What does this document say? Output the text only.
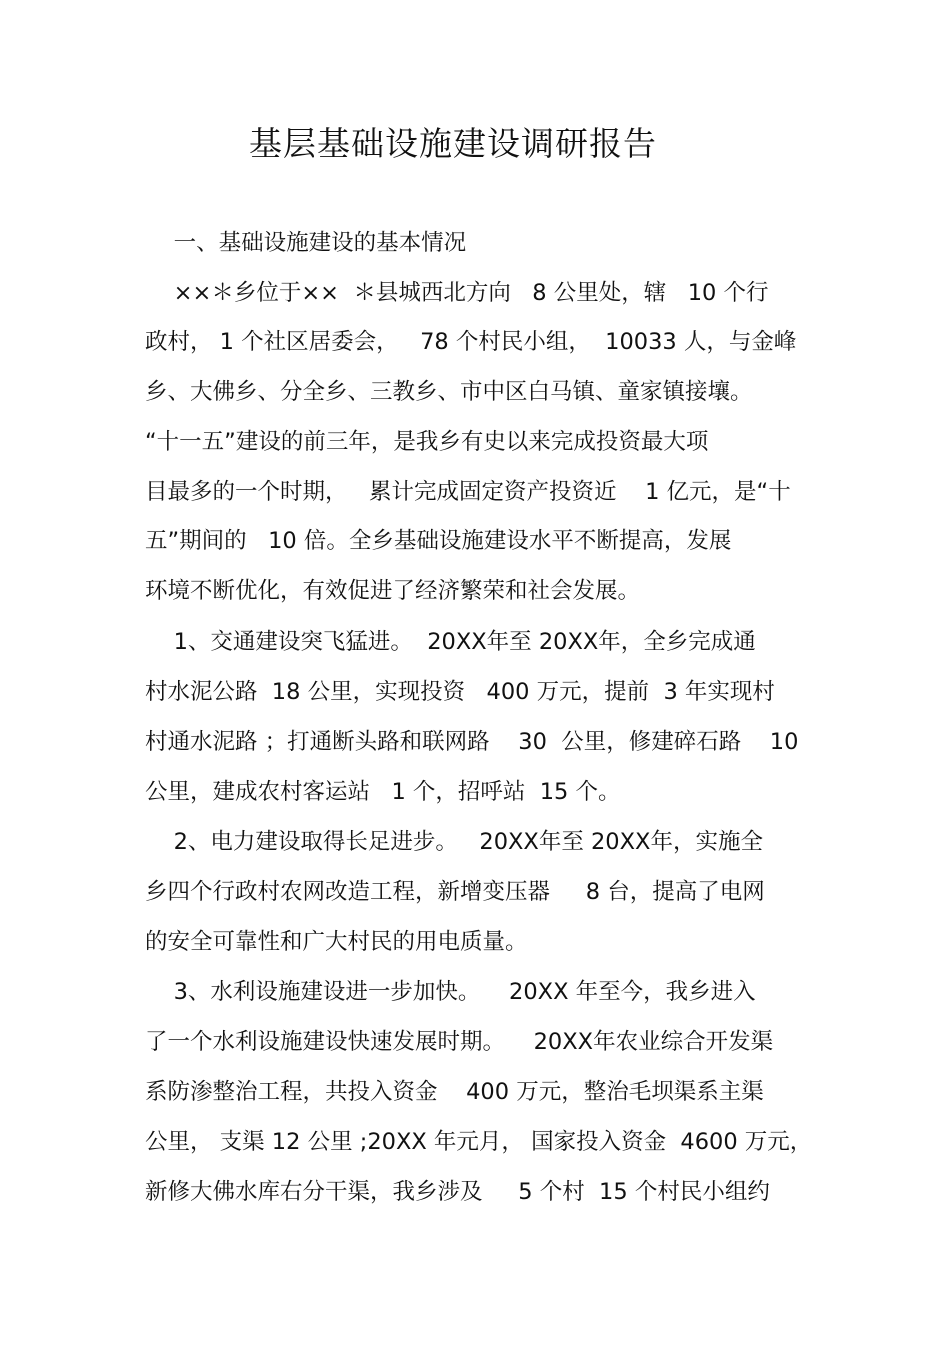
基层基础设施建设调研报告
一、基础设施建设的基本情况
××＊乡位于××  ＊县城西北方向   8 公里处，辖   10 个行
政村， 1 个社区居委会，   78 个村民小组，  10033 人，与金峰
乡、大佛乡、分全乡、三教乡、市中区白马镇、童家镇接壤。
“十一五”建设的前三年，是我乡有史以来完成投资最大项
目最多的一个时期，   累计完成固定资产投资近    1 亿元，是“十
五”期间的   10 倍。全乡基础设施建设水平不断提高，发展
环境不断优化，有效促进了经济繁荣和社会发展。
1、交通建设突飞猛进。  20XX年至 20XX年，全乡完成通
村水泥公路  18 公里，实现投资   400 万元，提前  3 年实现村
村通水泥路 ；打通断头路和联网路    30  公里，修建碎石路    10
公里，建成农村客运站   1 个，招呼站  15 个。
2、电力建设取得长足进步。   20XX年至 20XX年，实施全
乡四个行政村农网改造工程，新增变压器     8 台，提高了电网
的安全可靠性和广大村民的用电质量。
3、水利设施建设进一步加快。    20XX 年至今，我乡进入
了一个水利设施建设快速发展时期。    20XX年农业综合开发渠
系防渗整治工程，共投入资金    400 万元，整治毛坝渠系主渠
公里， 支渠 12 公里 ;20XX 年元月， 国家投入资金  4600 万元，
新修大佛水库右分干渠，我乡涉及     5 个村  15 个村民小组约
